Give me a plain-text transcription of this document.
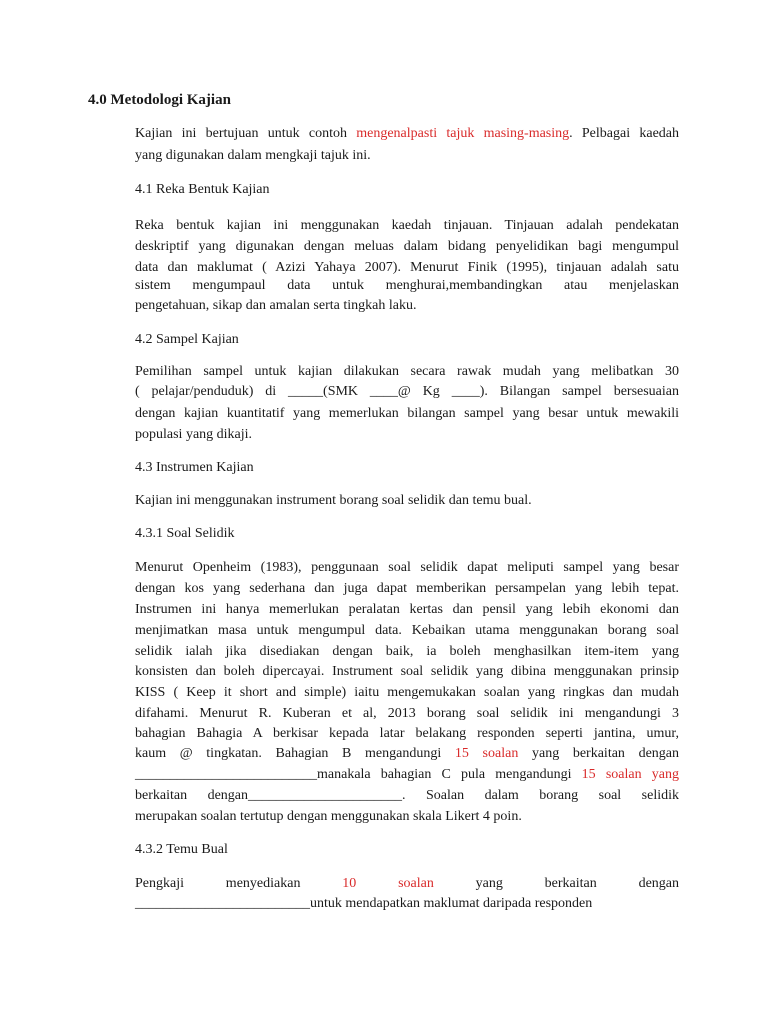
4.0 Metodologi Kajian
Kajian ini bertujuan untuk contoh mengenalpasti tajuk masing-masing. Pelbagai kaedah
yang digunakan dalam mengkaji tajuk ini.
4.1 Reka Bentuk Kajian
Reka bentuk kajian ini menggunakan kaedah tinjauan. Tinjauan adalah pendekatan
deskriptif yang digunakan dengan meluas dalam bidang penyelidikan bagi mengumpul
data dan maklumat ( Azizi Yahaya 2007). Menurut Finik (1995), tinjauan adalah satu
sistem mengumpaul data untuk menghurai,membandingkan atau menjelaskan
pengetahuan, sikap dan amalan serta tingkah laku.
4.2 Sampel Kajian
Pemilihan sampel untuk kajian dilakukan secara rawak mudah yang melibatkan 30
( pelajar/penduduk) di _____(SMK ____@ Kg ____). Bilangan sampel bersesuaian
dengan kajian kuantitatif yang memerlukan bilangan sampel yang besar untuk mewakili
populasi yang dikaji.
4.3 Instrumen Kajian
Kajian ini menggunakan instrument borang soal selidik dan temu bual.
4.3.1 Soal Selidik
Menurut Openheim (1983), penggunaan soal selidik dapat meliputi sampel yang besar
dengan kos yang sederhana dan juga dapat memberikan persampelan yang lebih tepat.
Instrumen ini hanya memerlukan peralatan kertas dan pensil yang lebih ekonomi dan
menjimatkan masa untuk mengumpul data. Kebaikan utama menggunakan borang soal
selidik ialah jika disediakan dengan baik, ia boleh menghasilkan item-item yang
konsisten dan boleh dipercayai. Instrument soal selidik yang dibina menggunakan prinsip
KISS ( Keep it short and simple) iaitu mengemukakan soalan yang ringkas dan mudah
difahami. Menurut R. Kuberan et al, 2013 borang soal selidik ini mengandungi 3
bahagian Bahagia A berkisar kepada latar belakang responden seperti jantina, umur,
kaum @ tingkatan. Bahagian B mengandungi 15 soalan yang berkaitan dengan
__________________________manakala bahagian C pula mengandungi 15 soalan yang
berkaitan dengan______________________. Soalan dalam borang soal selidik
merupakan soalan tertutup dengan menggunakan skala Likert 4 poin.
4.3.2 Temu Bual
Pengkaji menyediakan	10 soalan	yang berkaitan dengan
_________________________untuk mendapatkan maklumat daripada responden
